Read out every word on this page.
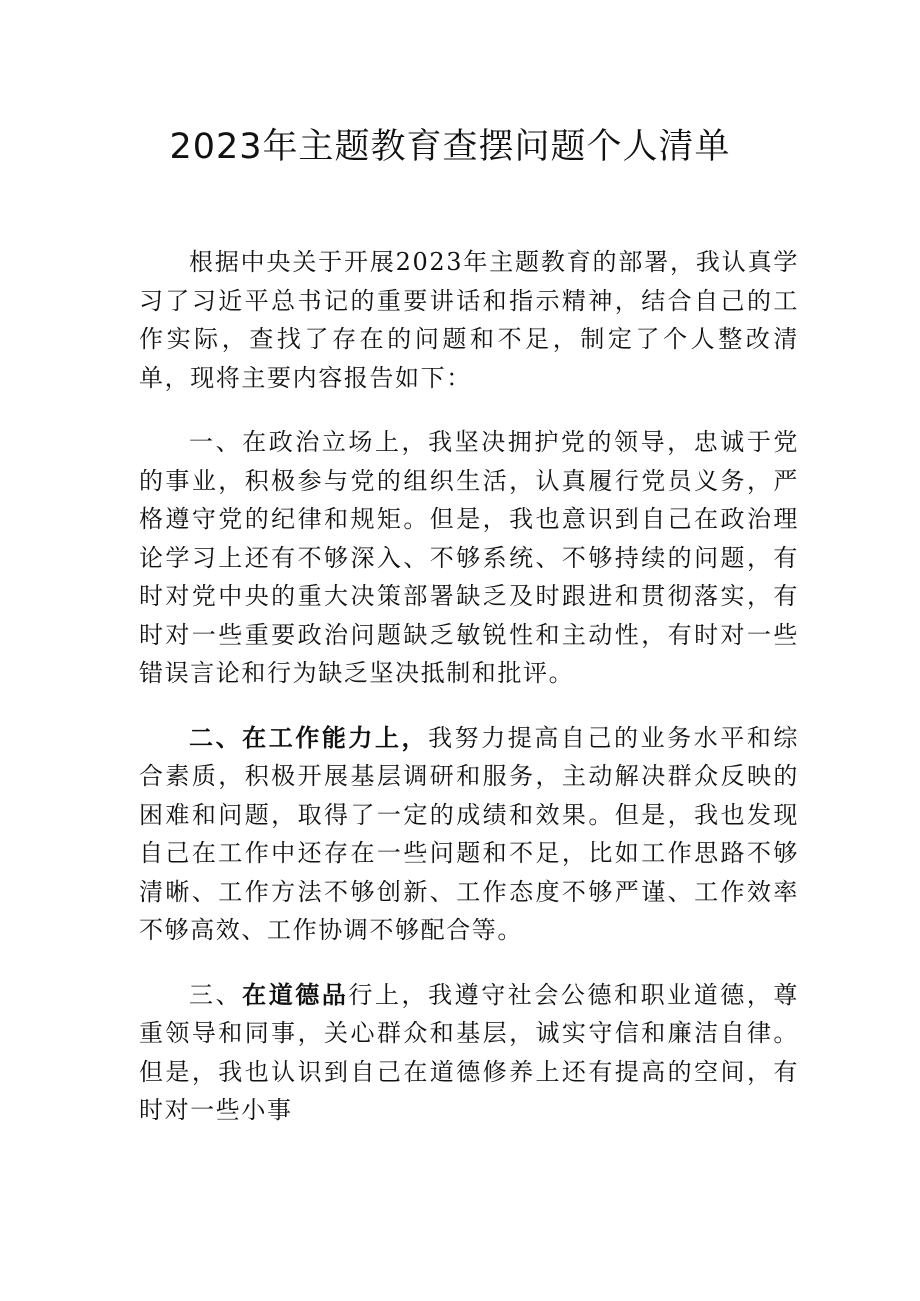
2023年主题教育查摆问题个人清单

根据中央关于开展2023年主题教育的部署，我认真学习了习近平总书记的重要讲话和指示精神，结合自己的工作实际，查找了存在的问题和不足，制定了个人整改清单，现将主要内容报告如下：

一、在政治立场上，我坚决拥护党的领导，忠诚于党的事业，积极参与党的组织生活，认真履行党员义务，严格遵守党的纪律和规矩。但是，我也意识到自己在政治理论学习上还有不够深入、不够系统、不够持续的问题，有时对党中央的重大决策部署缺乏及时跟进和贯彻落实，有时对一些重要政治问题缺乏敏锐性和主动性，有时对一些错误言论和行为缺乏坚决抵制和批评。

二、在工作能力上，我努力提高自己的业务水平和综合素质，积极开展基层调研和服务，主动解决群众反映的困难和问题，取得了一定的成绩和效果。但是，我也发现自己在工作中还存在一些问题和不足，比如工作思路不够清晰、工作方法不够创新、工作态度不够严谨、工作效率不够高效、工作协调不够配合等。

三、在道德品行上，我遵守社会公德和职业道德，尊重领导和同事，关心群众和基层，诚实守信和廉洁自律。但是，我也认识到自己在道德修养上还有提高的空间，有时对一些小事
